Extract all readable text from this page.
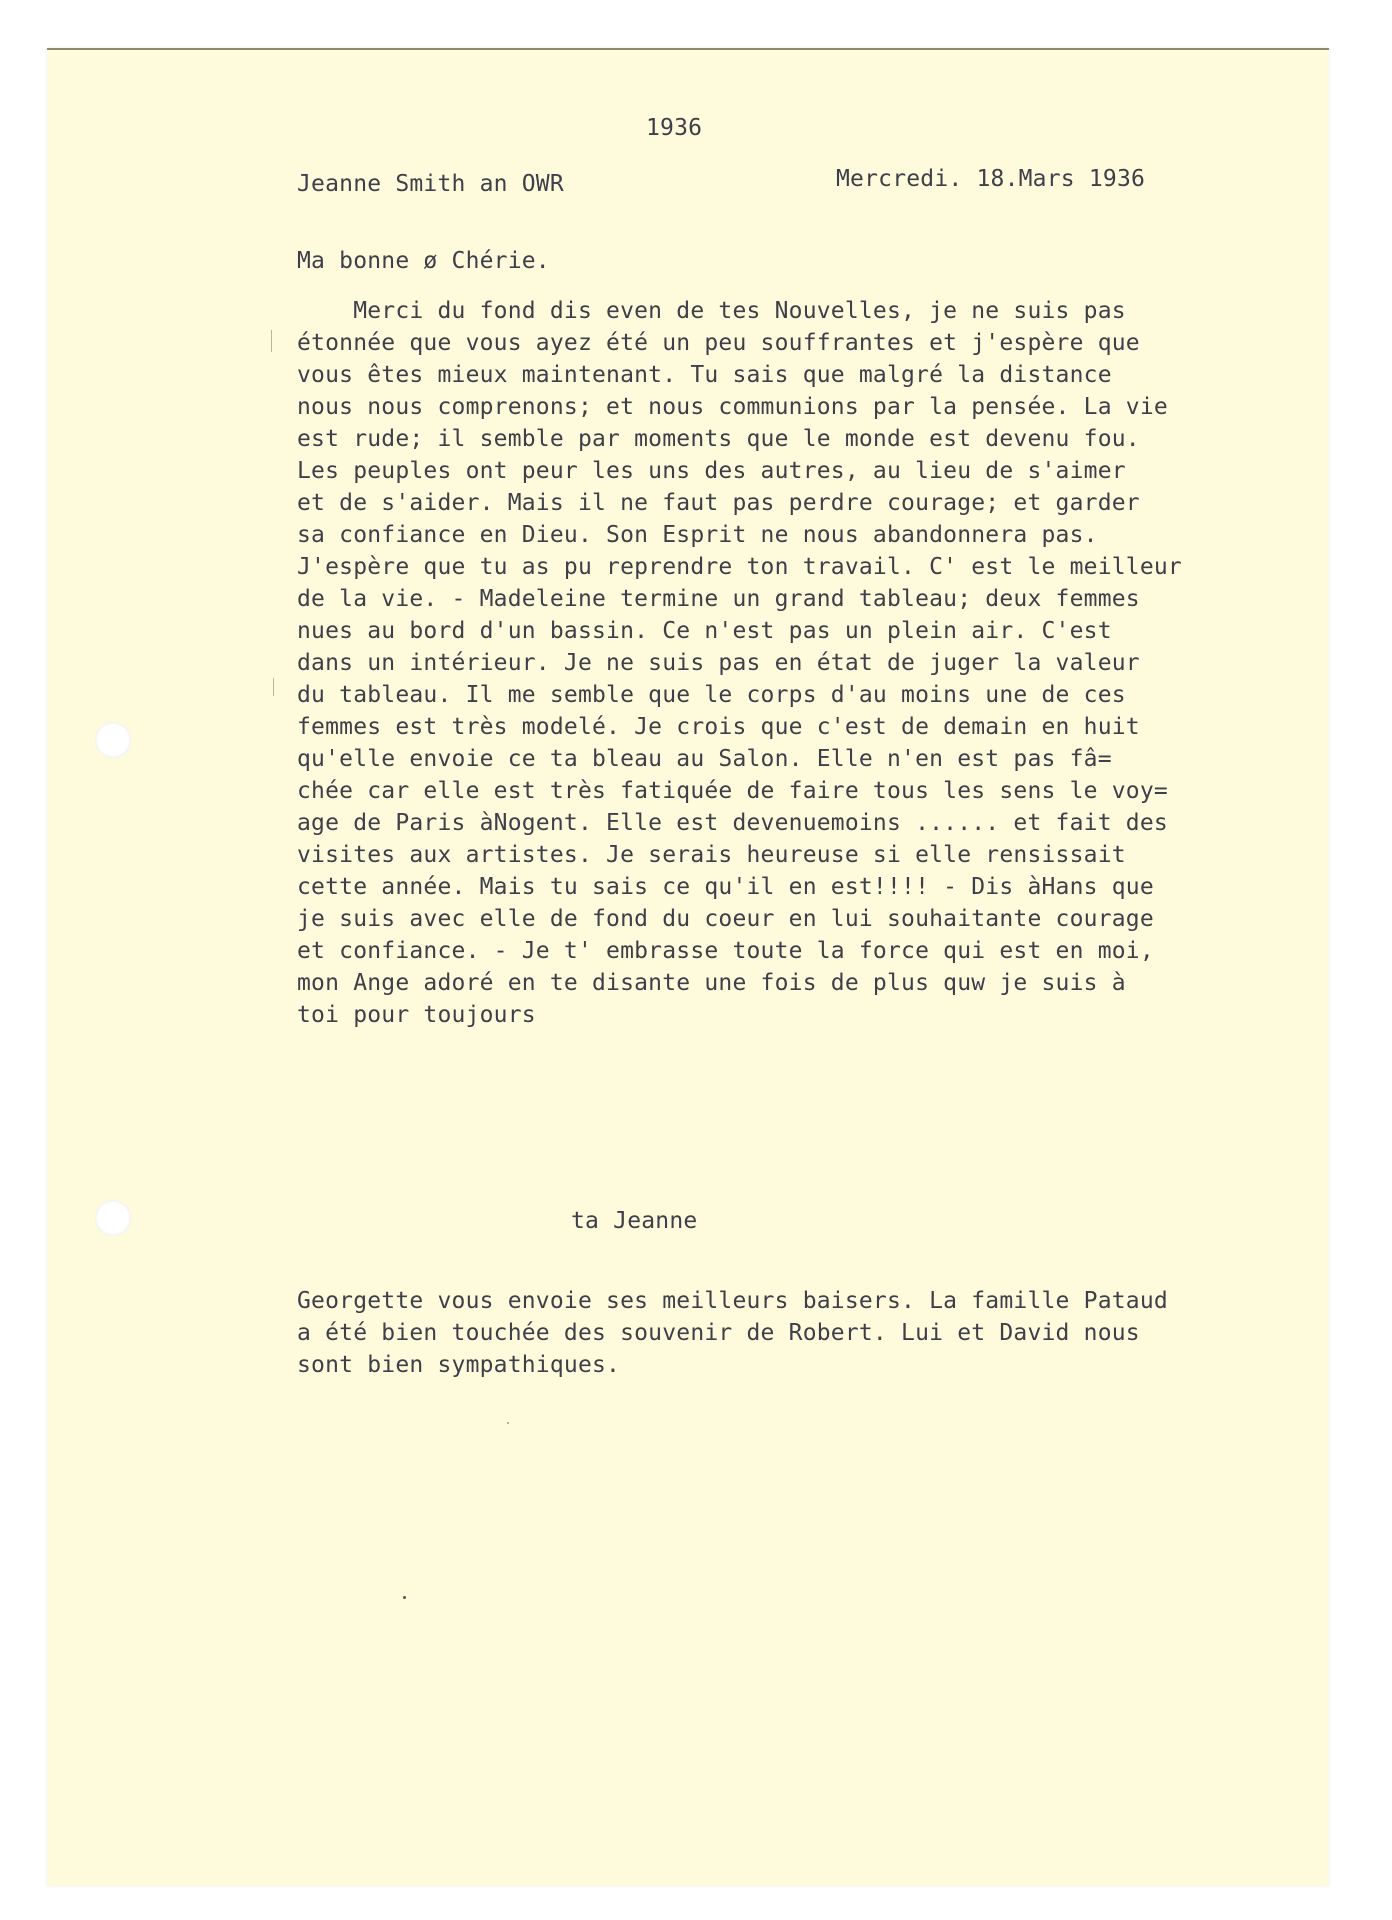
1936
Jeanne Smith an OWR	Mercredi. 18.Mars 1936
Ma bonne ø Chérie.
Merci du fond dis even de tes Nouvelles, je ne suis pas
étonnée que vous ayez été un peu souffrantes et j'espère que
vous êtes mieux maintenant. Tu sais que malgré la distance
nous nous comprenons; et nous communions par la pensée. La vie
est rude; il semble par moments que le monde est devenu fou.
Les peuples ont peur les uns des autres, au lieu de s'aimer
et de s'aider. Mais il ne faut pas perdre courage; et garder
sa confiance en Dieu. Son Esprit ne nous abandonnera pas.
J'espère que tu as pu reprendre ton travail. C' est le meilleur
de la vie. - Madeleine termine un grand tableau; deux femmes
nues au bord d'un bassin. Ce n'est pas un plein air. C'est
dans un intérieur. Je ne suis pas en état de juger la valeur
du tableau. Il me semble que le corps d'au moins une de ces
femmes est très modelé. Je crois que c'est de demain en huit
qu'elle envoie ce ta bleau au Salon. Elle n'en est pas fâ=
chée car elle est très fatiquée de faire tous les sens le voy=
age de Paris àNogent. Elle est devenuemoins ...... et fait des
visites aux artistes. Je serais heureuse si elle rensissait
cette année. Mais tu sais ce qu'il en est!!!! - Dis àHans que
je suis avec elle de fond du coeur en lui souhaitante courage
et confiance. - Je t' embrasse toute la force qui est en moi,
mon Ange adoré en te disante une fois de plus quw je suis à
toi pour toujours
ta Jeanne
Georgette vous envoie ses meilleurs baisers. La famille Pataud
a été bien touchée des souvenir de Robert. Lui et David nous
sont bien sympathiques.
